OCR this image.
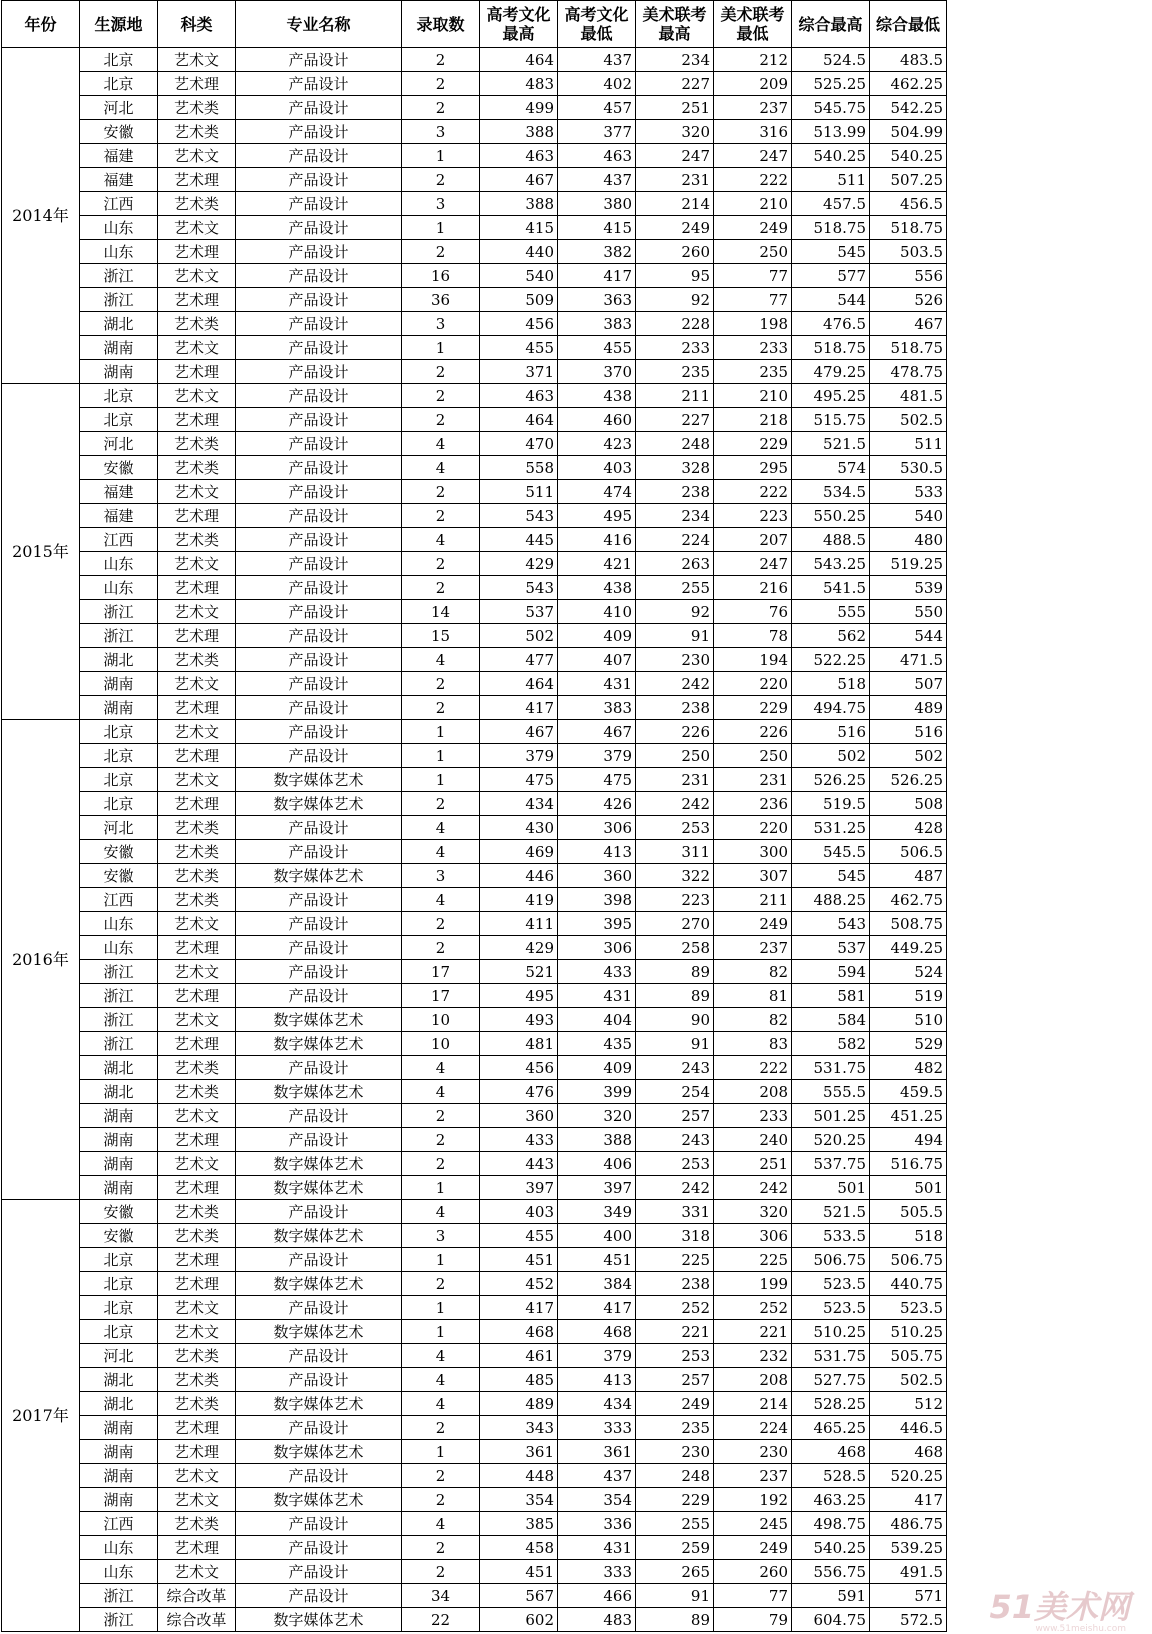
年份	生源地	科类	专业名称	录取数	高考文化最高	高考文化最低	美术联考最高	美术联考最低	综合最高	综合最低
2014年	北京	艺术文	产品设计	2	464	437	234	212	524.5	483.5
	北京	艺术理	产品设计	2	483	402	227	209	525.25	462.25
	河北	艺术类	产品设计	2	499	457	251	237	545.75	542.25
	安徽	艺术类	产品设计	3	388	377	320	316	513.99	504.99
	福建	艺术文	产品设计	1	463	463	247	247	540.25	540.25
	福建	艺术理	产品设计	2	467	437	231	222	511	507.25
	江西	艺术类	产品设计	3	388	380	214	210	457.5	456.5
	山东	艺术文	产品设计	1	415	415	249	249	518.75	518.75
	山东	艺术理	产品设计	2	440	382	260	250	545	503.5
	浙江	艺术文	产品设计	16	540	417	95	77	577	556
	浙江	艺术理	产品设计	36	509	363	92	77	544	526
	湖北	艺术类	产品设计	3	456	383	228	198	476.5	467
	湖南	艺术文	产品设计	1	455	455	233	233	518.75	518.75
	湖南	艺术理	产品设计	2	371	370	235	235	479.25	478.75
2015年	北京	艺术文	产品设计	2	463	438	211	210	495.25	481.5
	北京	艺术理	产品设计	2	464	460	227	218	515.75	502.5
	河北	艺术类	产品设计	4	470	423	248	229	521.5	511
	安徽	艺术类	产品设计	4	558	403	328	295	574	530.5
	福建	艺术文	产品设计	2	511	474	238	222	534.5	533
	福建	艺术理	产品设计	2	543	495	234	223	550.25	540
	江西	艺术类	产品设计	4	445	416	224	207	488.5	480
	山东	艺术文	产品设计	2	429	421	263	247	543.25	519.25
	山东	艺术理	产品设计	2	543	438	255	216	541.5	539
	浙江	艺术文	产品设计	14	537	410	92	76	555	550
	浙江	艺术理	产品设计	15	502	409	91	78	562	544
	湖北	艺术类	产品设计	4	477	407	230	194	522.25	471.5
	湖南	艺术文	产品设计	2	464	431	242	220	518	507
	湖南	艺术理	产品设计	2	417	383	238	229	494.75	489
2016年	北京	艺术文	产品设计	1	467	467	226	226	516	516
	北京	艺术理	产品设计	1	379	379	250	250	502	502
	北京	艺术文	数字媒体艺术	1	475	475	231	231	526.25	526.25
	北京	艺术理	数字媒体艺术	2	434	426	242	236	519.5	508
	河北	艺术类	产品设计	4	430	306	253	220	531.25	428
	安徽	艺术类	产品设计	4	469	413	311	300	545.5	506.5
	安徽	艺术类	数字媒体艺术	3	446	360	322	307	545	487
	江西	艺术类	产品设计	4	419	398	223	211	488.25	462.75
	山东	艺术文	产品设计	2	411	395	270	249	543	508.75
	山东	艺术理	产品设计	2	429	306	258	237	537	449.25
	浙江	艺术文	产品设计	17	521	433	89	82	594	524
	浙江	艺术理	产品设计	17	495	431	89	81	581	519
	浙江	艺术文	数字媒体艺术	10	493	404	90	82	584	510
	浙江	艺术理	数字媒体艺术	10	481	435	91	83	582	529
	湖北	艺术类	产品设计	4	456	409	243	222	531.75	482
	湖北	艺术类	数字媒体艺术	4	476	399	254	208	555.5	459.5
	湖南	艺术文	产品设计	2	360	320	257	233	501.25	451.25
	湖南	艺术理	产品设计	2	433	388	243	240	520.25	494
	湖南	艺术文	数字媒体艺术	2	443	406	253	251	537.75	516.75
	湖南	艺术理	数字媒体艺术	1	397	397	242	242	501	501
2017年	安徽	艺术类	产品设计	4	403	349	331	320	521.5	505.5
	安徽	艺术类	数字媒体艺术	3	455	400	318	306	533.5	518
	北京	艺术理	产品设计	1	451	451	225	225	506.75	506.75
	北京	艺术理	数字媒体艺术	2	452	384	238	199	523.5	440.75
	北京	艺术文	产品设计	1	417	417	252	252	523.5	523.5
	北京	艺术文	数字媒体艺术	1	468	468	221	221	510.25	510.25
	河北	艺术类	产品设计	4	461	379	253	232	531.75	505.75
	湖北	艺术类	产品设计	4	485	413	257	208	527.75	502.5
	湖北	艺术类	数字媒体艺术	4	489	434	249	214	528.25	512
	湖南	艺术理	产品设计	2	343	333	235	224	465.25	446.5
	湖南	艺术理	数字媒体艺术	1	361	361	230	230	468	468
	湖南	艺术文	产品设计	2	448	437	248	237	528.5	520.25
	湖南	艺术文	数字媒体艺术	2	354	354	229	192	463.25	417
	江西	艺术类	产品设计	4	385	336	255	245	498.75	486.75
	山东	艺术理	产品设计	2	458	431	259	249	540.25	539.25
	山东	艺术文	产品设计	2	451	333	265	260	556.75	491.5
	浙江	综合改革	产品设计	34	567	466	91	77	591	571
	浙江	综合改革	数字媒体艺术	22	602	483	89	79	604.75	572.5 51美术网
www.51meishu.com
